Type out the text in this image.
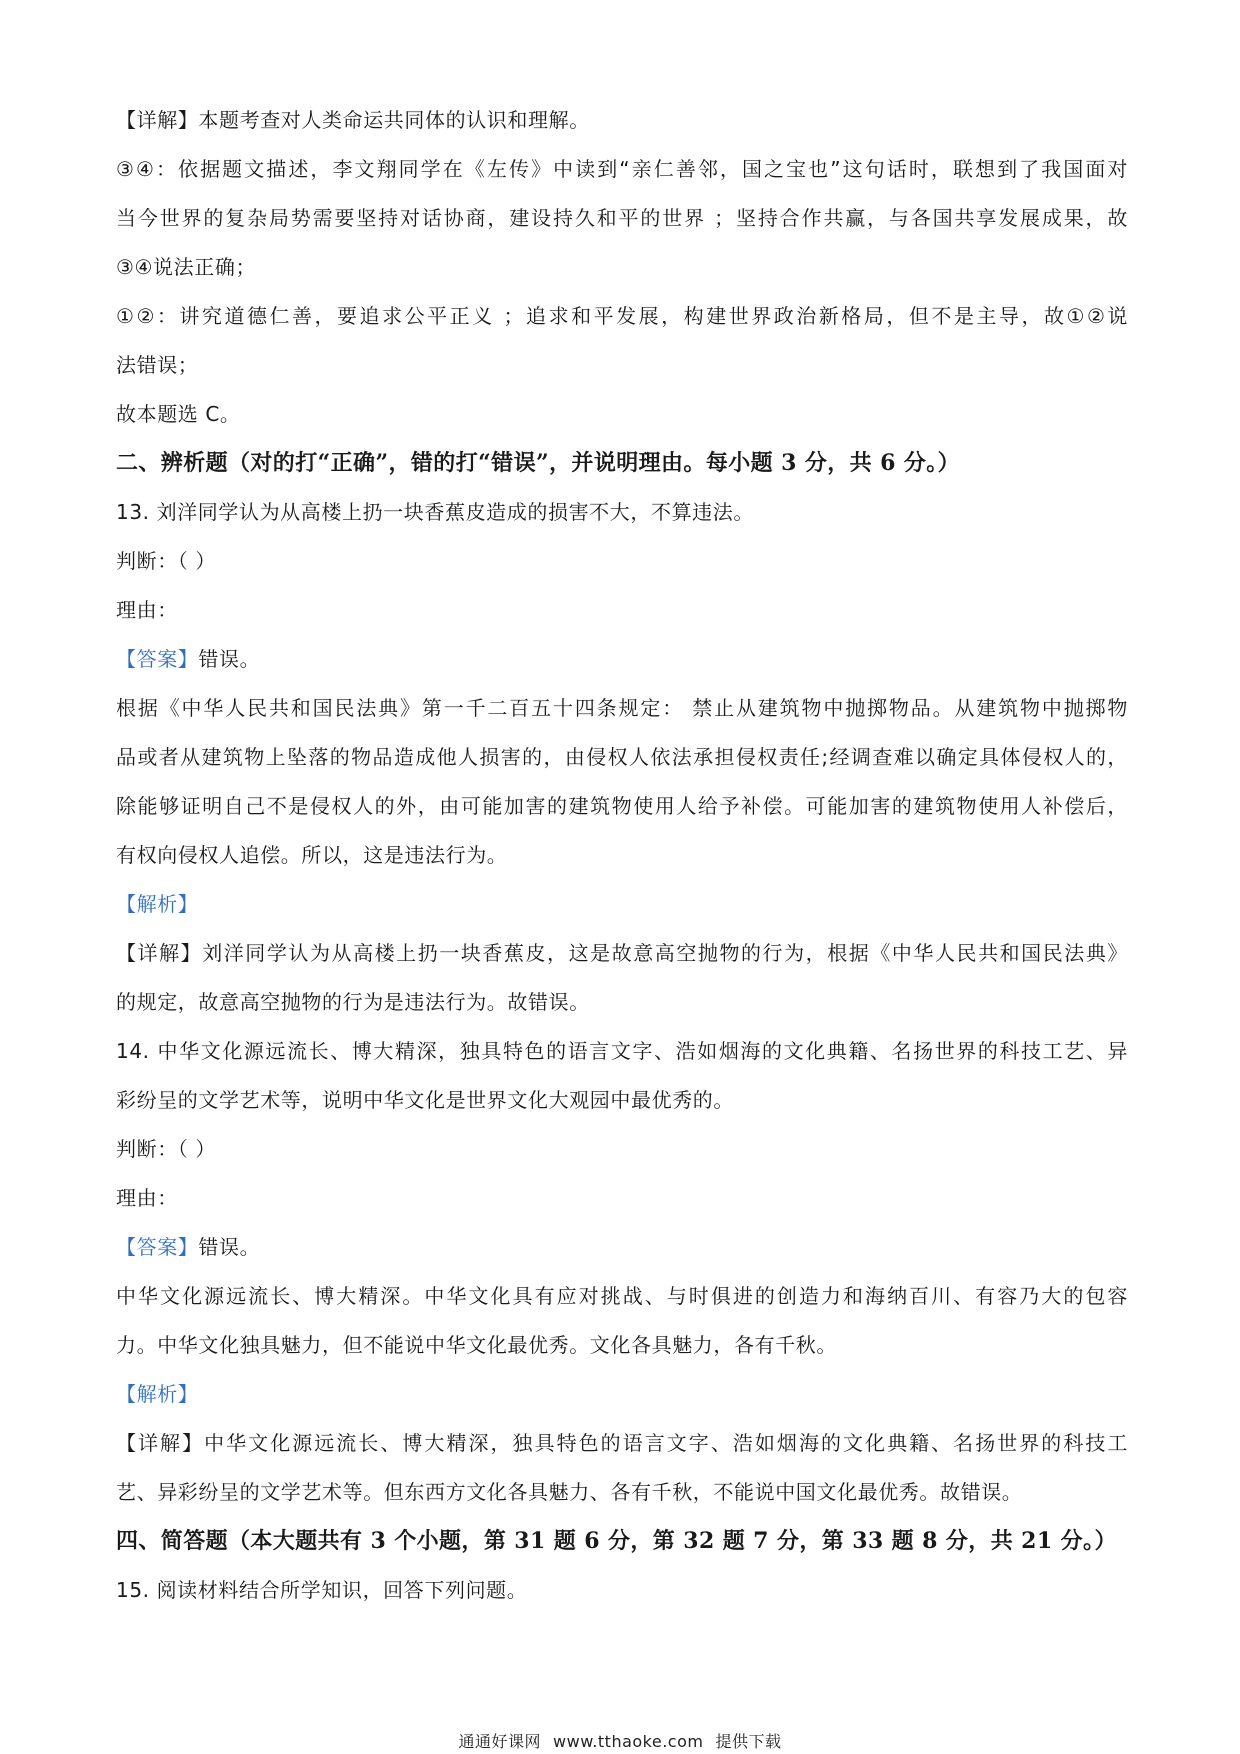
【详解】本题考查对人类命运共同体的认识和理解。
③④：依据题文描述，李文翔同学在《左传》中读到“亲仁善邻，国之宝也”这句话时，联想到了我国面对
当今世界的复杂局势需要坚持对话协商，建设持久和平的世界 ；坚持合作共赢，与各国共享发展成果，故
③④说法正确；
①②：讲究道德仁善，要追求公平正义 ；追求和平发展，构建世界政治新格局，但不是主导，故①②说
法错误；
故本题选 C。
二、辨析题（对的打“正确”，错的打“错误”，并说明理由。每小题 3 分，共 6 分。）
13. 刘洋同学认为从高楼上扔一块香蕉皮造成的损害不大，不算违法。
判断：（ ）
理由：
【答案】错误。
根据《中华人民共和国民法典》第一千二百五十四条规定： 禁止从建筑物中抛掷物品。从建筑物中抛掷物
品或者从建筑物上坠落的物品造成他人损害的，由侵权人依法承担侵权责任;经调查难以确定具体侵权人的，
除能够证明自己不是侵权人的外，由可能加害的建筑物使用人给予补偿。可能加害的建筑物使用人补偿后，
有权向侵权人追偿。所以，这是违法行为。
【解析】
【详解】刘洋同学认为从高楼上扔一块香蕉皮，这是故意高空抛物的行为，根据《中华人民共和国民法典》
的规定，故意高空抛物的行为是违法行为。故错误。
14. 中华文化源远流长、博大精深，独具特色的语言文字、浩如烟海的文化典籍、名扬世界的科技工艺、异
彩纷呈的文学艺术等，说明中华文化是世界文化大观园中最优秀的。
判断：（ ）
理由：
【答案】错误。
中华文化源远流长、博大精深。中华文化具有应对挑战、与时俱进的创造力和海纳百川、有容乃大的包容
力。中华文化独具魅力，但不能说中华文化最优秀。文化各具魅力，各有千秋。
【解析】
【详解】中华文化源远流长、博大精深，独具特色的语言文字、浩如烟海的文化典籍、名扬世界的科技工
艺、异彩纷呈的文学艺术等。但东西方文化各具魅力、各有千秋，不能说中国文化最优秀。故错误。
四、简答题（本大题共有 3 个小题，第 31 题 6 分，第 32 题 7 分，第 33 题 8 分，共 21 分。）
15. 阅读材料结合所学知识，回答下列问题。
通通好课网 www.tthaoke.com 提供下载
